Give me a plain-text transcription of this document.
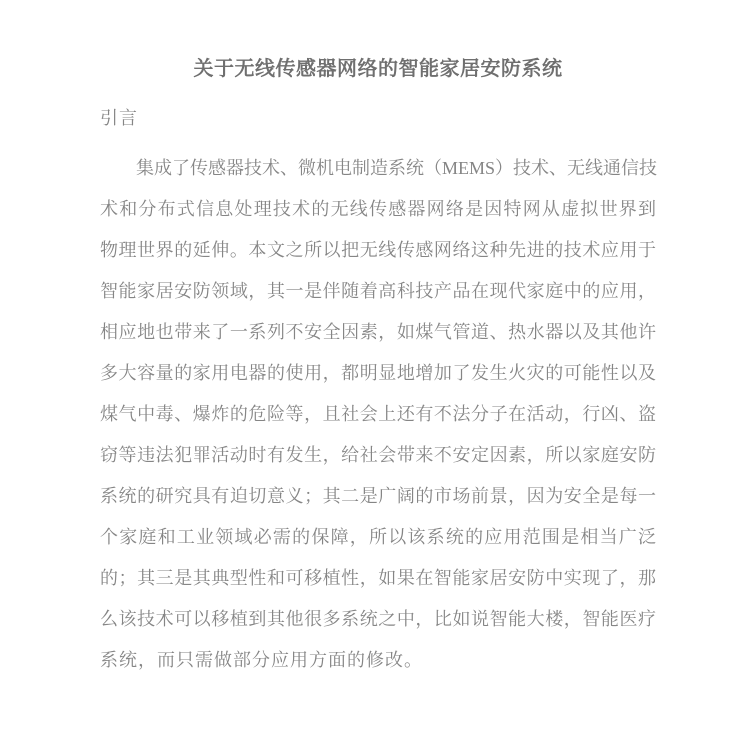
关于无线传感器网络的智能家居安防系统
引言
集成了传感器技术、微机电制造系统（MEMS）技术、无线通信技
术和分布式信息处理技术的无线传感器网络是因特网从虚拟世界到
物理世界的延伸。本文之所以把无线传感网络这种先进的技术应用于
智能家居安防领域，其一是伴随着高科技产品在现代家庭中的应用，
相应地也带来了一系列不安全因素，如煤气管道、热水器以及其他许
多大容量的家用电器的使用，都明显地增加了发生火灾的可能性以及
煤气中毒、爆炸的危险等，且社会上还有不法分子在活动，行凶、盗
窃等违法犯罪活动时有发生，给社会带来不安定因素，所以家庭安防
系统的研究具有迫切意义；其二是广阔的市场前景，因为安全是每一
个家庭和工业领域必需的保障，所以该系统的应用范围是相当广泛
的；其三是其典型性和可移植性，如果在智能家居安防中实现了，那
么该技术可以移植到其他很多系统之中，比如说智能大楼，智能医疗
系统，而只需做部分应用方面的修改。
